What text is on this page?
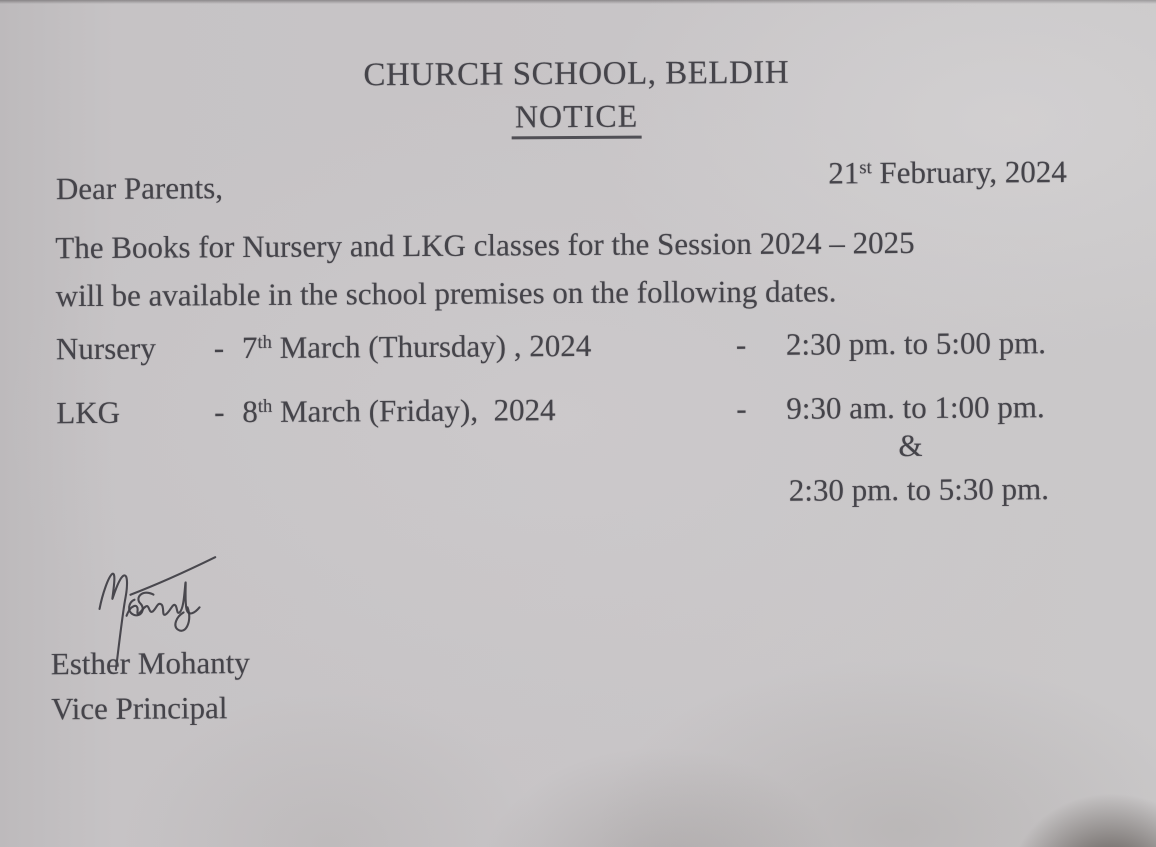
CHURCH SCHOOL, BELDIH
NOTICE
Dear Parents,	21st February, 2024
The Books for Nursery and LKG classes for the Session 2024 – 2025
will be available in the school premises on the following dates.
Nursery	- 7th March (Thursday) , 2024	-	2:30 pm. to 5:00 pm.
LKG	- 8th March (Friday),  2024	-	9:30 am. to 1:00 pm.
&
2:30 pm. to 5:30 pm.
Esther Mohanty
Vice Principal
